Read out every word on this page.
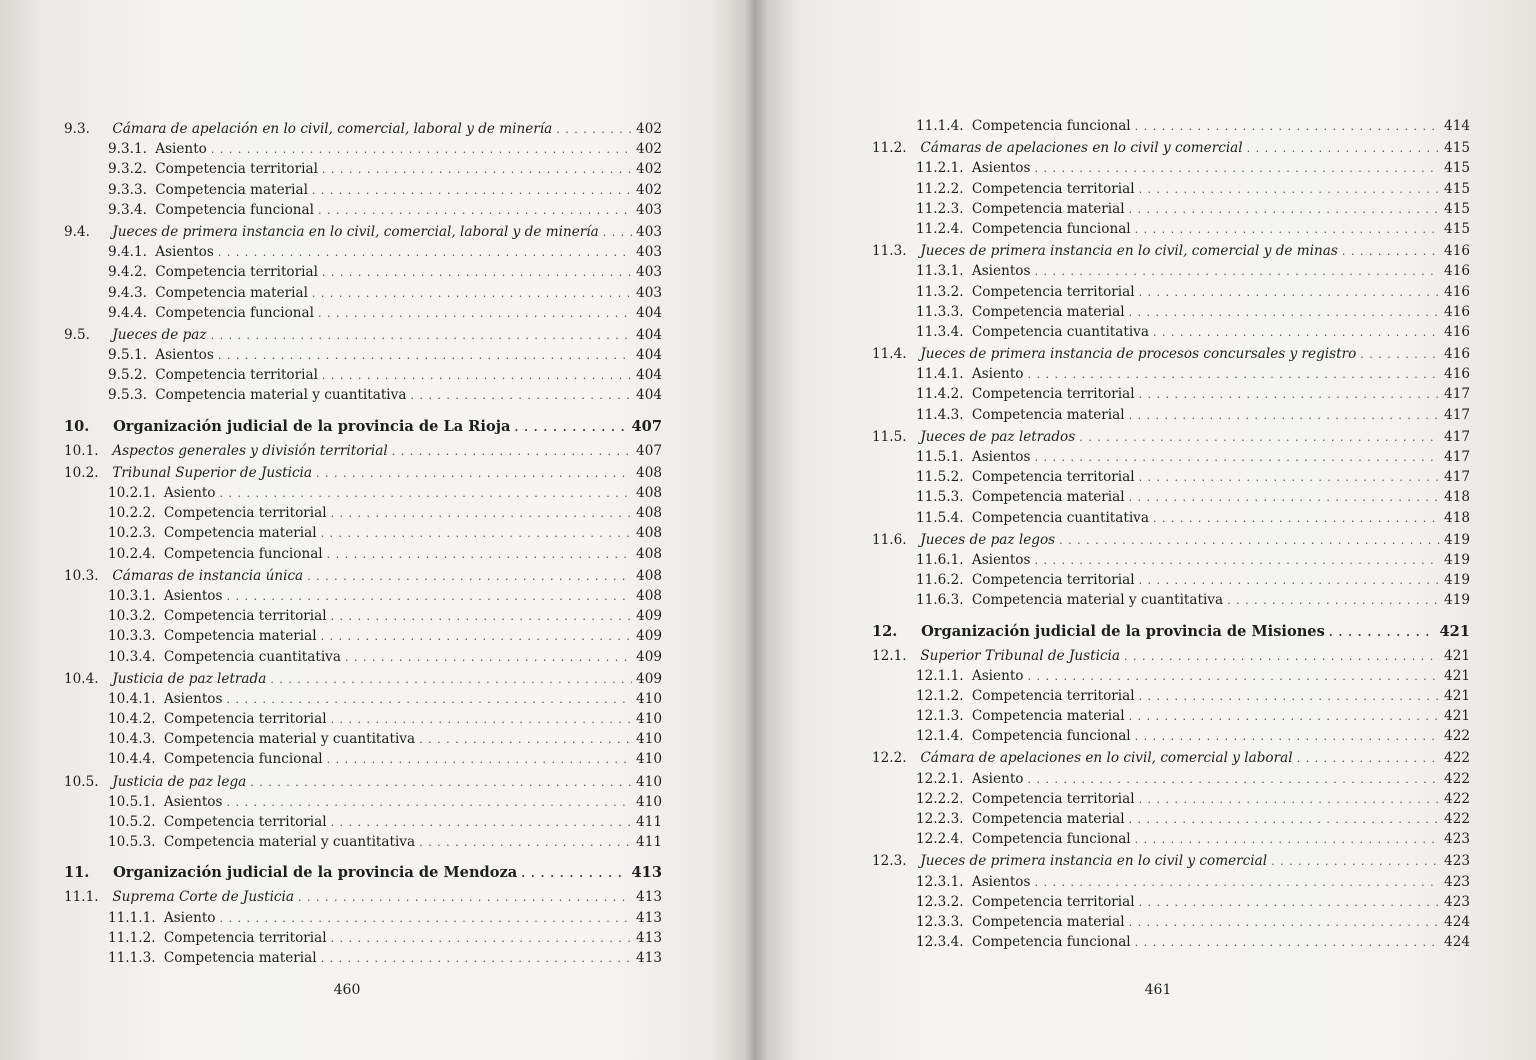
9.3. Cámara de apelación en lo civil, comercial, laboral y de minería . . .	402
9.3.1. Asiento . . .	402
9.3.2. Competencia territorial . . .	402
9.3.3. Competencia material . . .	402
9.3.4. Competencia funcional . . .	403
9.4. Jueces de primera instancia en lo civil, comercial, laboral y de minería . . .	403
9.4.1. Asientos . . .	403
9.4.2. Competencia territorial . . .	403
9.4.3. Competencia material . . .	403
9.4.4. Competencia funcional . . .	404
9.5. Jueces de paz . . .	404
9.5.1. Asientos . . .	404
9.5.2. Competencia territorial . . .	404
9.5.3. Competencia material y cuantitativa . . .	404
10. Organización judicial de la provincia de La Rioja . . .	407
10.1. Aspectos generales y división territorial . . .	407
10.2. Tribunal Superior de Justicia . . .	408
10.2.1. Asiento . . .	408
10.2.2. Competencia territorial . . .	408
10.2.3. Competencia material . . .	408
10.2.4. Competencia funcional . . .	408
10.3. Cámaras de instancia única . . .	408
10.3.1. Asientos . . .	408
10.3.2. Competencia territorial . . .	409
10.3.3. Competencia material . . .	409
10.3.4. Competencia cuantitativa . . .	409
10.4. Justicia de paz letrada . . .	409
10.4.1. Asientos . . .	410
10.4.2. Competencia territorial . . .	410
10.4.3. Competencia material y cuantitativa . . .	410
10.4.4. Competencia funcional . . .	410
10.5. Justicia de paz lega . . .	410
10.5.1. Asientos . . .	410
10.5.2. Competencia territorial . . .	411
10.5.3. Competencia material y cuantitativa . . .	411
11. Organización judicial de la provincia de Mendoza . . .	413
11.1. Suprema Corte de Justicia . . .	413
11.1.1. Asiento . . .	413
11.1.2. Competencia territorial . . .	413
11.1.3. Competencia material . . .	413
460
11.1.4. Competencia funcional . . .	414
11.2. Cámaras de apelaciones en lo civil y comercial . . .	415
11.2.1. Asientos . . .	415
11.2.2. Competencia territorial . . .	415
11.2.3. Competencia material . . .	415
11.2.4. Competencia funcional . . .	415
11.3. Jueces de primera instancia en lo civil, comercial y de minas . . .	416
11.3.1. Asientos . . .	416
11.3.2. Competencia territorial . . .	416
11.3.3. Competencia material . . .	416
11.3.4. Competencia cuantitativa . . .	416
11.4. Jueces de primera instancia de procesos concursales y registro . . .	416
11.4.1. Asiento . . .	416
11.4.2. Competencia territorial . . .	417
11.4.3. Competencia material . . .	417
11.5. Jueces de paz letrados . . .	417
11.5.1. Asientos . . .	417
11.5.2. Competencia territorial . . .	417
11.5.3. Competencia material . . .	418
11.5.4. Competencia cuantitativa . . .	418
11.6. Jueces de paz legos . . .	419
11.6.1. Asientos . . .	419
11.6.2. Competencia territorial . . .	419
11.6.3. Competencia material y cuantitativa . . .	419
12. Organización judicial de la provincia de Misiones . . .	421
12.1. Superior Tribunal de Justicia . . .	421
12.1.1. Asiento . . .	421
12.1.2. Competencia territorial . . .	421
12.1.3. Competencia material . . .	421
12.1.4. Competencia funcional . . .	422
12.2. Cámara de apelaciones en lo civil, comercial y laboral . . .	422
12.2.1. Asiento . . .	422
12.2.2. Competencia territorial . . .	422
12.2.3. Competencia material . . .	422
12.2.4. Competencia funcional . . .	423
12.3. Jueces de primera instancia en lo civil y comercial . . .	423
12.3.1. Asientos . . .	423
12.3.2. Competencia territorial . . .	423
12.3.3. Competencia material . . .	424
12.3.4. Competencia funcional . . .	424
461
